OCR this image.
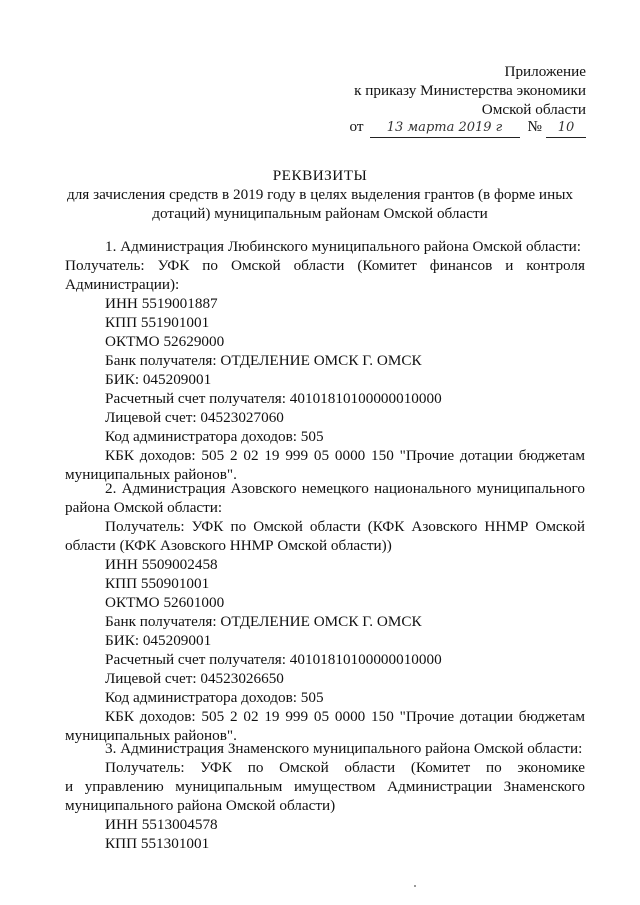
Приложение
к приказу Министерства экономики
Омской области
от	13 марта 2019 г	№	10
РЕКВИЗИТЫ
для зачисления средств в 2019 году в целях выделения грантов (в форме иных
дотаций) муниципальным районам Омской области
1. Администрация Любинского муниципального района Омской области:
Получатель: УФК по Омской области (Комитет финансов и контроля
Администрации):
ИНН 5519001887
КПП 551901001
ОКТМО 52629000
Банк получателя: ОТДЕЛЕНИЕ ОМСК Г. ОМСК
БИК: 045209001
Расчетный счет получателя: 40101810100000010000
Лицевой счет: 04523027060
Код администратора доходов: 505
КБК доходов: 505 2 02 19 999 05 0000 150 "Прочие дотации бюджетам
муниципальных районов".
2. Администрация Азовского немецкого национального муниципального
района Омской области:
Получатель: УФК по Омской области (КФК Азовского ННМР Омской
области (КФК Азовского ННМР Омской области))
ИНН 5509002458
КПП 550901001
ОКТМО 52601000
Банк получателя: ОТДЕЛЕНИЕ ОМСК Г. ОМСК
БИК: 045209001
Расчетный счет получателя: 40101810100000010000
Лицевой счет: 04523026650
Код администратора доходов: 505
КБК доходов: 505 2 02 19 999 05 0000 150 "Прочие дотации бюджетам
муниципальных районов".
3. Администрация Знаменского муниципального района Омской области:
Получатель: УФК по Омской области (Комитет по экономике
и управлению муниципальным имуществом Администрации Знаменского
муниципального района Омской области)
ИНН 5513004578
КПП 551301001
